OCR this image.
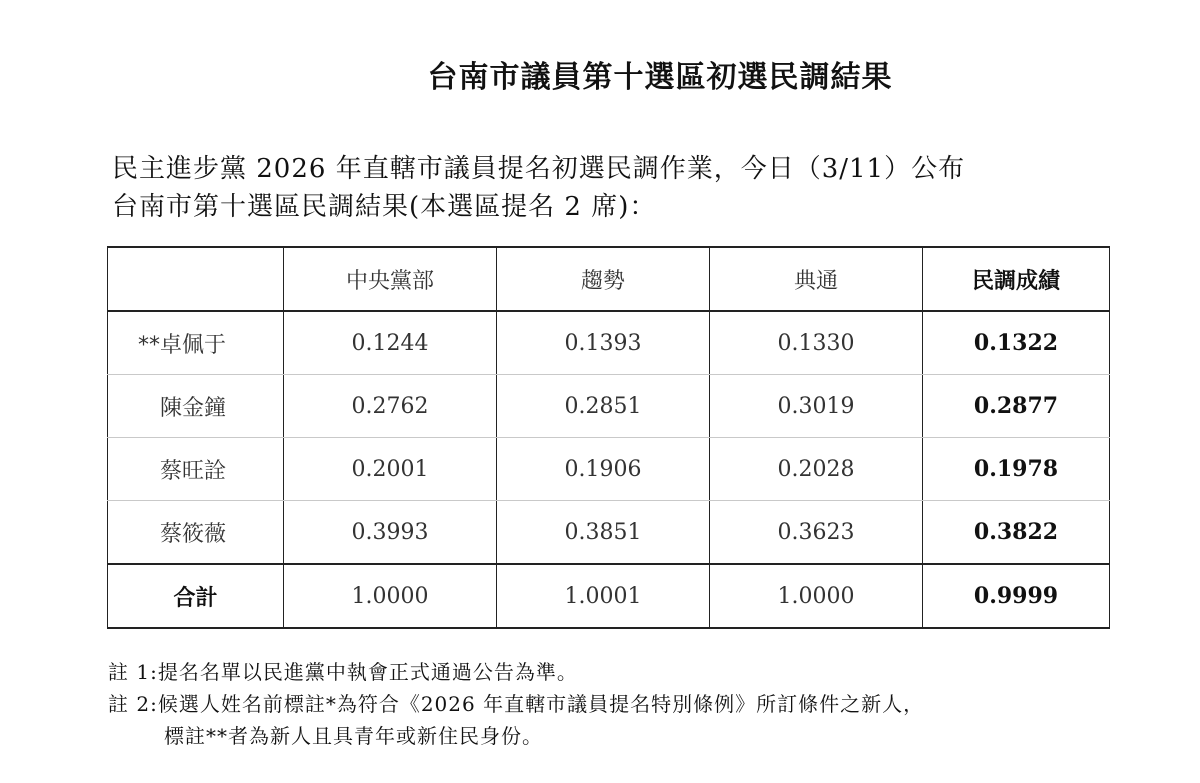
台南市議員第十選區初選民調結果
民主進步黨 2026 年直轄市議員提名初選民調作業，今日（3/11）公布
台南市第十選區民調結果(本選區提名 2 席)：
	中央黨部	趨勢	典通	民調成績
**卓佩于	0.1244	0.1393	0.1330	0.1322
陳金鐘	0.2762	0.2851	0.3019	0.2877
蔡旺詮	0.2001	0.1906	0.2028	0.1978
蔡筱薇	0.3993	0.3851	0.3623	0.3822
合計	1.0000	1.0001	1.0000	0.9999
註 1:提名名單以民進黨中執會正式通過公告為準。
註 2:候選人姓名前標註*為符合《2026 年直轄市議員提名特別條例》所訂條件之新人，
標註**者為新人且具青年或新住民身份。
